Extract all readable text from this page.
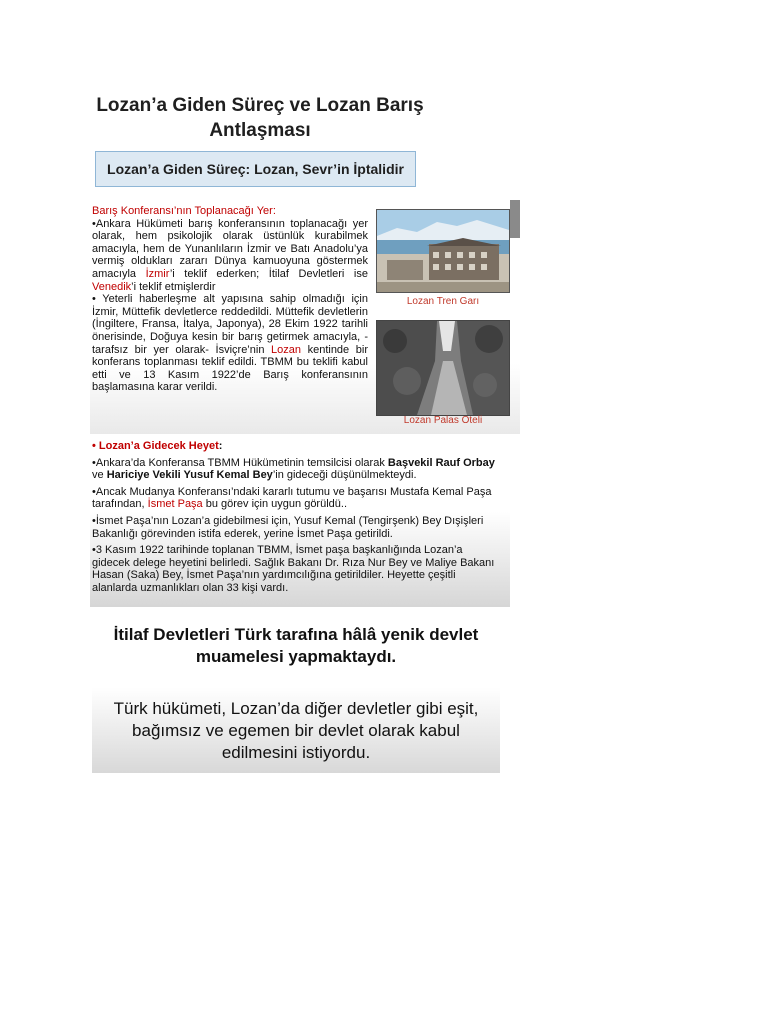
Lozan’a Giden Süreç ve Lozan Barış
Antlaşması
Lozan’a Giden Süreç: Lozan, Sevr’in İptalidir
Barış Konferansı’nın Toplanacağı Yer:
•Ankara Hükümeti barış konferansının toplanacağı yer olarak, hem psikolojik olarak üstünlük kurabilmek amacıyla, hem de Yunanlıların İzmir ve Batı Anadolu’ya vermiş oldukları zararı Dünya kamuoyuna göstermek amacıyla İzmir’i teklif ederken; İtilaf Devletleri ise Venedik’i teklif etmişlerdir
• Yeterli haberleşme alt yapısına sahip olmadığı için İzmir, Müttefik devletlerce reddedildi. Müttefik devletlerin (İngiltere, Fransa, İtalya, Japonya), 28 Ekim 1922 tarihli önerisinde, Doğuya kesin bir barış getirmek amacıyla, -tarafsız bir yer olarak- İsviçre’nin Lozan kentinde bir konferans toplanması teklif edildi. TBMM bu teklifi kabul etti ve 13 Kasım 1922’de Barış konferansının başlamasına karar verildi.
Lozan Tren Garı
Lozan Palas Oteli

• Lozan’a Gidecek Heyet:

•Ankara’da Konferansa TBMM Hükümetinin temsilcisi olarak Başvekil Rauf Orbay ve Hariciye Vekili Yusuf Kemal Bey’in gideceği düşünülmekteydi.

•Ancak Mudanya Konferansı’ndaki kararlı tutumu ve başarısı Mustafa Kemal Paşa tarafından, İsmet Paşa bu görev için uygun görüldü..

•İsmet Paşa’nın Lozan’a gidebilmesi için, Yusuf Kemal (Tengirşenk) Bey Dışişleri Bakanlığı görevinden istifa ederek, yerine İsmet Paşa getirildi.

•3 Kasım 1922 tarihinde toplanan TBMM, İsmet paşa başkanlığında Lozan’a gidecek delege heyetini belirledi. Sağlık Bakanı Dr. Rıza Nur Bey ve Maliye Bakanı Hasan (Saka) Bey, İsmet Paşa’nın yardımcılığına getirildiler. Heyette çeşitli alanlarda uzmanlıkları olan 33 kişi vardı.

İtilaf Devletleri Türk tarafına hâlâ yenik devlet muamelesi yapmaktaydı.
Türk hükümeti, Lozan’da diğer devletler gibi eşit, bağımsız ve egemen bir devlet olarak kabul edilmesini istiyordu.
